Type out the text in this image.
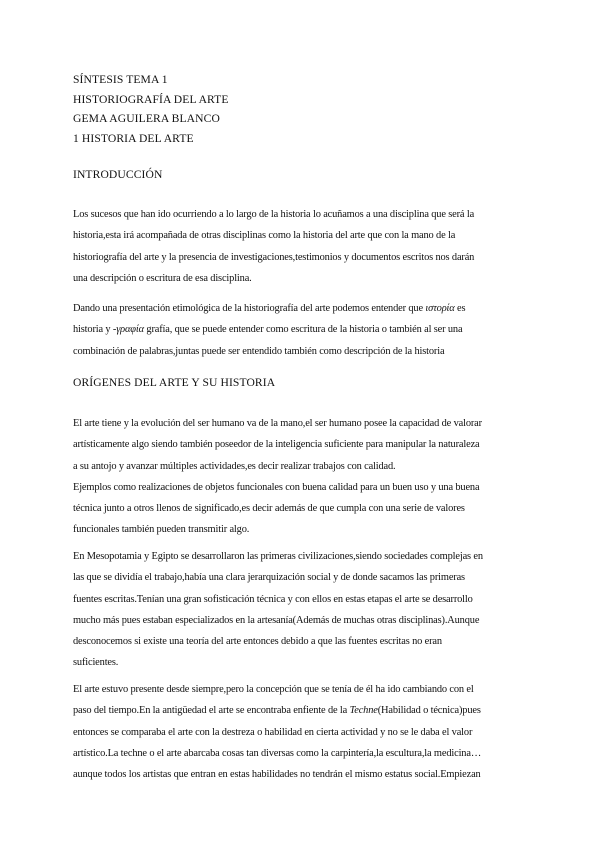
SÍNTESIS TEMA 1
HISTORIOGRAFÍA DEL ARTE
GEMA AGUILERA BLANCO
1 HISTORIA DEL ARTE
INTRODUCCIÓN
Los sucesos que han ido ocurriendo a lo largo de la historia lo acuñamos a una disciplina que será la
historia,esta irá acompañada de otras disciplinas como la historia del arte que con la mano de la
historiografía del arte y la presencia de investigaciones,testimonios y documentos escritos nos darán
una descripción o escritura de esa disciplina.
Dando una presentación etimológica de la historiografía del arte podemos entender que ιστορία es
historia y -γραφία grafía, que se puede entender como escritura de la historia o también al ser una
combinación de palabras,juntas puede ser entendido también como descripción de la historia
ORÍGENES DEL ARTE Y SU HISTORIA
El arte tiene y la evolución del ser humano va de la mano,el ser humano posee la capacidad de valorar
artísticamente algo siendo también poseedor de la inteligencia suficiente para manipular la naturaleza
a su antojo y avanzar múltiples actividades,es decir realizar trabajos con calidad.
Ejemplos como realizaciones de objetos funcionales con buena calidad para un buen uso y una buena
técnica junto a otros llenos de significado,es decir además de que cumpla con una serie de valores
funcionales también pueden transmitir algo.
En Mesopotamia y Egipto se desarrollaron las primeras civilizaciones,siendo sociedades complejas en
las que se dividía el trabajo,había una clara jerarquización social y de donde sacamos las primeras
fuentes escritas.Tenían una gran sofisticación técnica y con ellos en estas etapas el arte se desarrollo
mucho más pues estaban especializados en la artesanía(Además de muchas otras disciplinas).Aunque
desconocemos si existe una teoría del arte entonces debido a que las fuentes escritas no eran
suficientes.
El arte estuvo presente desde siempre,pero la concepción que se tenía de él ha ido cambiando con el
paso del tiempo.En la antigüedad el arte se encontraba enfiente de la Techne(Habilidad o técnica)pues
entonces se comparaba el arte con la destreza o habilidad en cierta actividad y no se le daba el valor
artístico.La techne o el arte abarcaba cosas tan diversas como la carpintería,la escultura,la medicina…
aunque todos los artistas que entran en estas habilidades no tendrán el mismo estatus social.Empiezan
